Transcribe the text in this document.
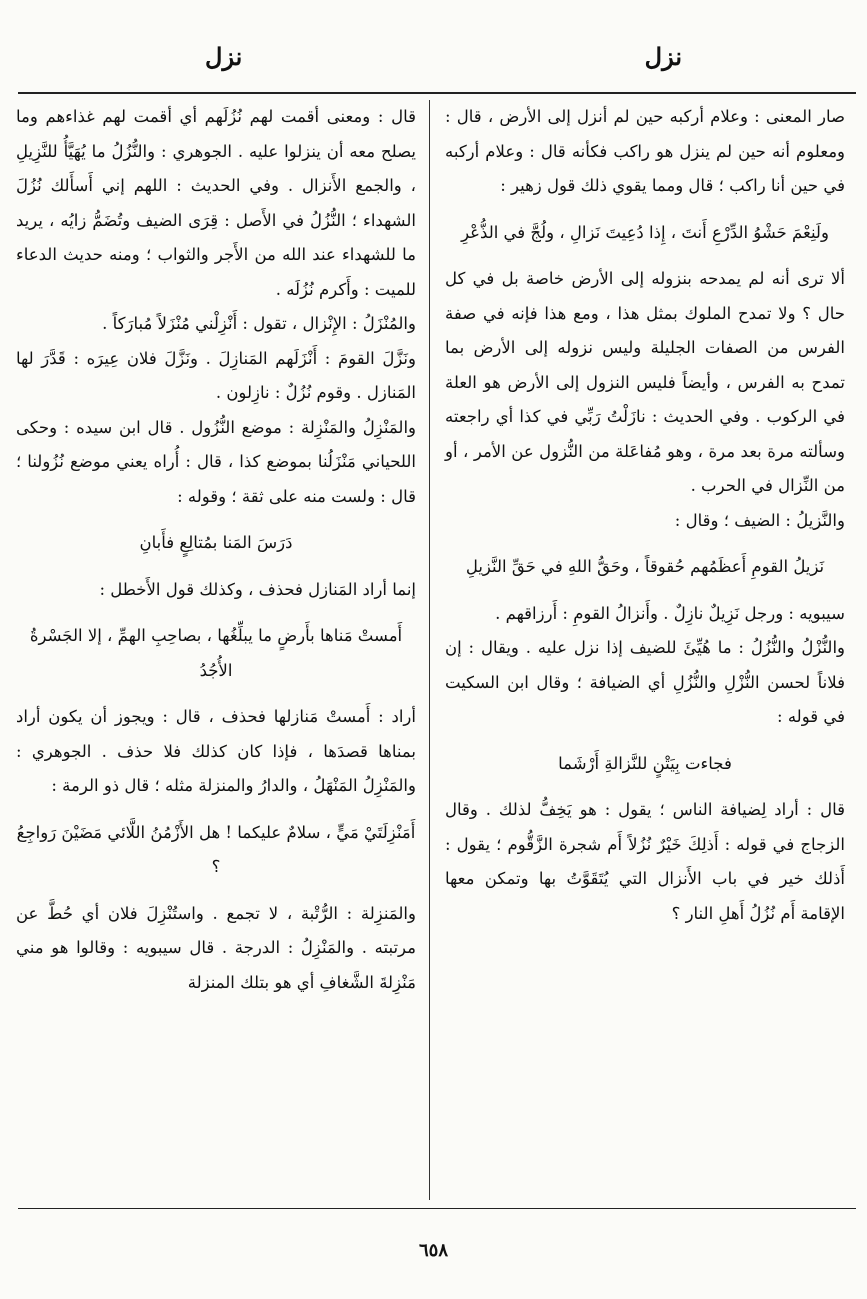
نزل
نزل

صار المعنى : وعلام أركبه حين لم أنزل إلى الأرض ، قال : ومعلوم أنه حين لم ينزل هو راكب فكأنه قال : وعلام أركبه في حين أنا راكب ؛ قال ومما يقوي ذلك قول زهير :

ولَنِعْمَ حَشْوُ الدِّرْعِ أَنتَ ، إِذا دُعِيتَ نَزالِ ، ولُجَّ في الذُّعْرِ

ألا ترى أنه لم يمدحه بنزوله إلى الأرض خاصة بل في كل حال ؟ ولا تمدح الملوك بمثل هذا ، ومع هذا فإنه في صفة الفرس من الصفات الجليلة وليس نزوله إلى الأرض بما تمدح به الفرس ، وأيضاً فليس النزول إلى الأرض هو العلة في الركوب . وفي الحديث : نازَلْتُ رَبِّي في كذا أي راجعته وسألته مرة بعد مرة ، وهو مُفاعَلة من النُّزول عن الأمر ، أو من النِّزال في الحرب .

والنَّزيلُ : الضيف ؛ وقال :

نَزيلُ القومِ أَعظَمُهم حُقوقاً ، وحَقُّ اللهِ في حَقِّ النَّزيلِ

سيبويه : ورجل نَزِيلٌ نازِلٌ . وأَنزالُ القومِ : أَرزاقهم .

والنُّزْلُ والنُّزُلُ : ما هُيِّئَ للضيف إذا نزل عليه . ويقال : إن فلاناً لحسن النُّزْلِ والنُّزُلِ أي الضيافة ؛ وقال ابن السكيت في قوله :

فجاءت بِيَتْنٍ للنَّزالةِ أَرْشَما

قال : أراد لِضيافة الناس ؛ يقول : هو يَخِفُّ لذلك . وقال الزجاج في قوله : أَذلِكَ خَيْرٌ نُزُلاً أَم شجرة الزَّقُّوم ؛ يقول : أَذلك خير في باب الأَنزال التي يُتَقَوَّتُ بها وتمكن معها الإقامة أَم نُزُلُ أَهلِ النار ؟

قال : ومعنى أقمت لهم نُزُلَهم أي أقمت لهم غذاءهم وما يصلح معه أن ينزلوا عليه . الجوهري : والنُّزُلُ ما يُهَيَّأُ للنَّزِيلِ ، والجمع الأَنزال . وفي الحديث : اللهم إني أَسأَلك نُزُلَ الشهداء ؛ النُّزُلُ في الأَصل : قِرَى الضيف وتُضَمُّ زايُه ، يريد ما للشهداء عند الله من الأَجر والثواب ؛ ومنه حديث الدعاء للميت : وأَكرم نُزُلَه .

والمُنْزَلُ : الإِنْزال ، تقول : أَنْزِلْني مُنْزَلاً مُبارَكاً .

ونَزَّلَ القومَ : أَنْزَلَهم المَنازِلَ . ونَزَّلَ فلان عِيرَه : قَدَّرَ لها المَنازل . وقوم نُزُلٌ : نازِلون .

والمَنْزِلُ والمَنْزِلة : موضع النُّزُول . قال ابن سيده : وحكى اللحياني مَنْزَلُنا بموضع كذا ، قال : أُراه يعني موضع نُزُولنا ؛ قال : ولست منه على ثقة ؛ وقوله :

دَرَسَ المَنا بمُتالِعٍ فأَبانِ

إنما أراد المَنازل فحذف ، وكذلك قول الأَخطل :

أَمستْ مَناها بأَرضٍ ما يبلِّغُها ، بصاحِبِ الهمِّ ، إلا الجَسْرةُ الأُجُدُ

أراد : أَمستْ مَنازلها فحذف ، قال : ويجوز أن يكون أراد بمناها قصدَها ، فإذا كان كذلك فلا حذف . الجوهري : والمَنْزِلُ المَنْهَلُ ، والدارُ والمنزلة مثله ؛ قال ذو الرمة :

أَمَنْزِلَتَيْ مَيٍّ ، سلامٌ عليكما ! هل الأَزْمُنُ اللَّائي مَضَيْنَ رَواجِعُ ؟

والمَنزِلة : الرُّتْبة ، لا تجمع . واستُنْزِلَ فلان أي حُطَّ عن مرتبته . والمَنْزِلُ : الدرجة . قال سيبويه : وقالوا هو مني مَنْزِلةَ الشَّغافِ أي هو بتلك المنزلة

٦٥٨
